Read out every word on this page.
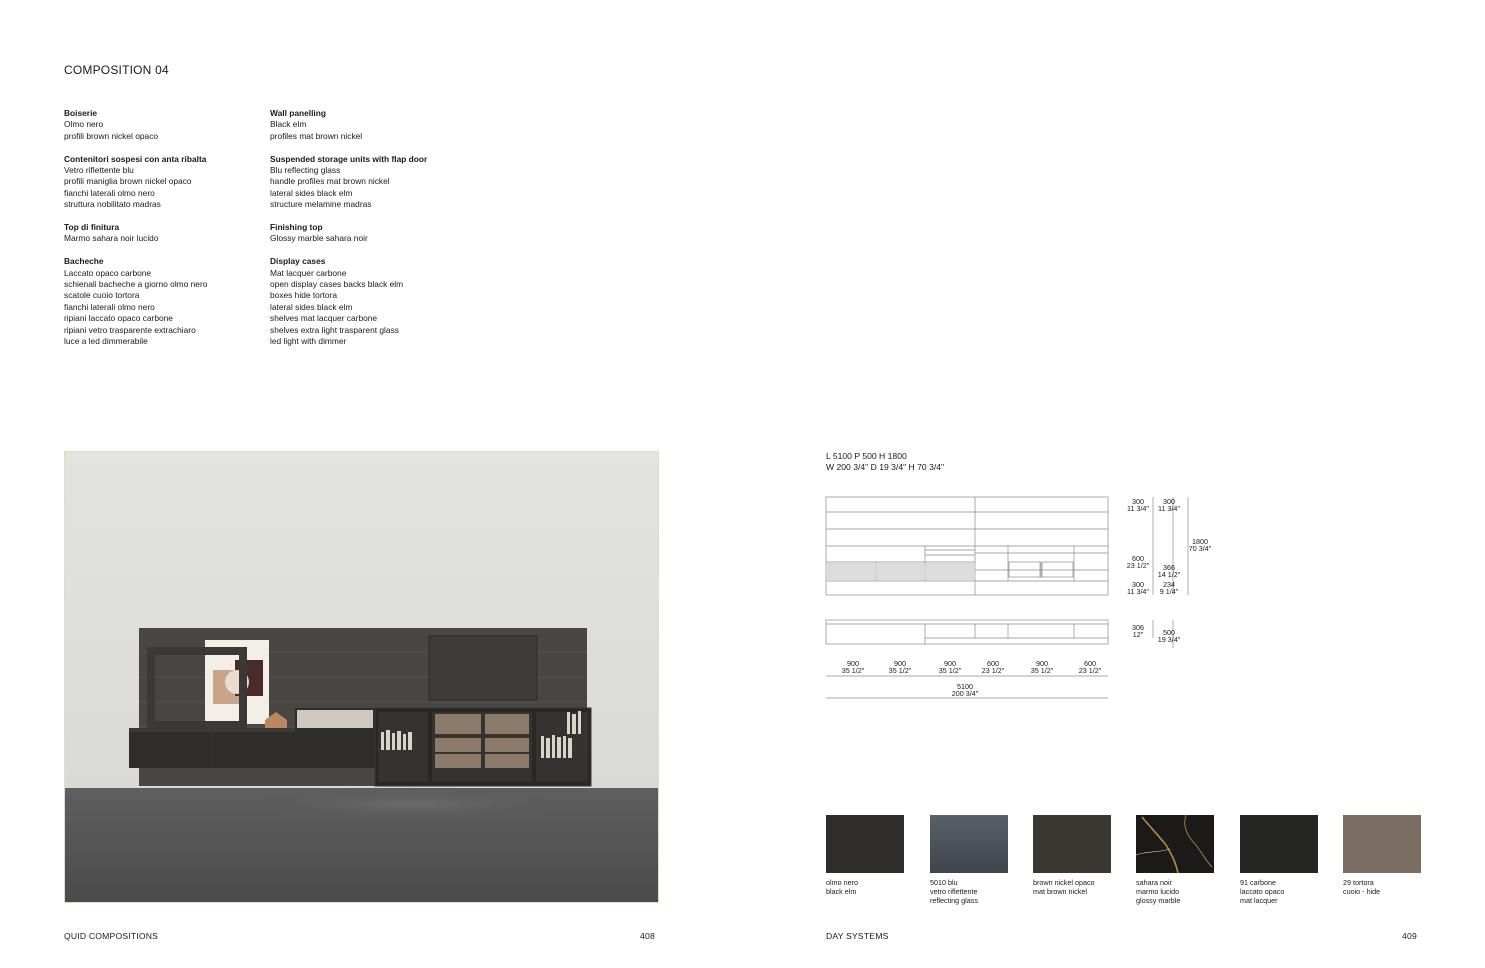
COMPOSITION 04
Boiserie
Olmo nero
profili brown nickel opaco
Contenitori sospesi con anta ribalta
Vetro riflettente blu
profili maniglia brown nickel opaco
fianchi laterali olmo nero
struttura nobilitato madras
Top di finitura
Marmo sahara noir lucido
Bacheche
Laccato opaco carbone
schienali bacheche a giorno olmo nero
scatole cuoio tortora
fianchi laterali olmo nero
ripiani laccato opaco carbone
ripiani vetro trasparente extrachiaro
luce a led dimmerabile
Wall panelling
Black elm
profiles mat brown nickel
Suspended storage units with flap door
Blu reflecting glass
handle profiles mat brown nickel
lateral sides black elm
structure melamine madras
Finishing top
Glossy marble sahara noir
Display cases
Mat lacquer carbone
open display cases backs black elm
boxes hide tortora
lateral sides black elm
shelves mat lacquer carbone
shelves extra light trasparent glass
led light with dimmer
L 5100 P 500 H 1800
W 200 3/4" D 19 3/4" H 70 3/4"
300
11 3/4"
300
11 3/4"
600
23 1/2"
300
11 3/4"
1800
70 3/4"
366
14 1/2"
234
9 1/4"
306
12"	500
19 3/4"
900
35 1/2"
900
35 1/2"
900
35 1/2"
600
23 1/2"
900
35 1/2"
600
23 1/2"
5100
200 3/4"
olmo nero
black elm
5010 blu
vetro riflettente
reflecting glass
brown nickel opaco
mat brown nickel
sahara noir
marmo lucido
glossy marble
91 carbone
laccato opaco
mat lacquer
29 tortora
cuoio - hide
QUID COMPOSITIONS	408	DAY SYSTEMS	409
